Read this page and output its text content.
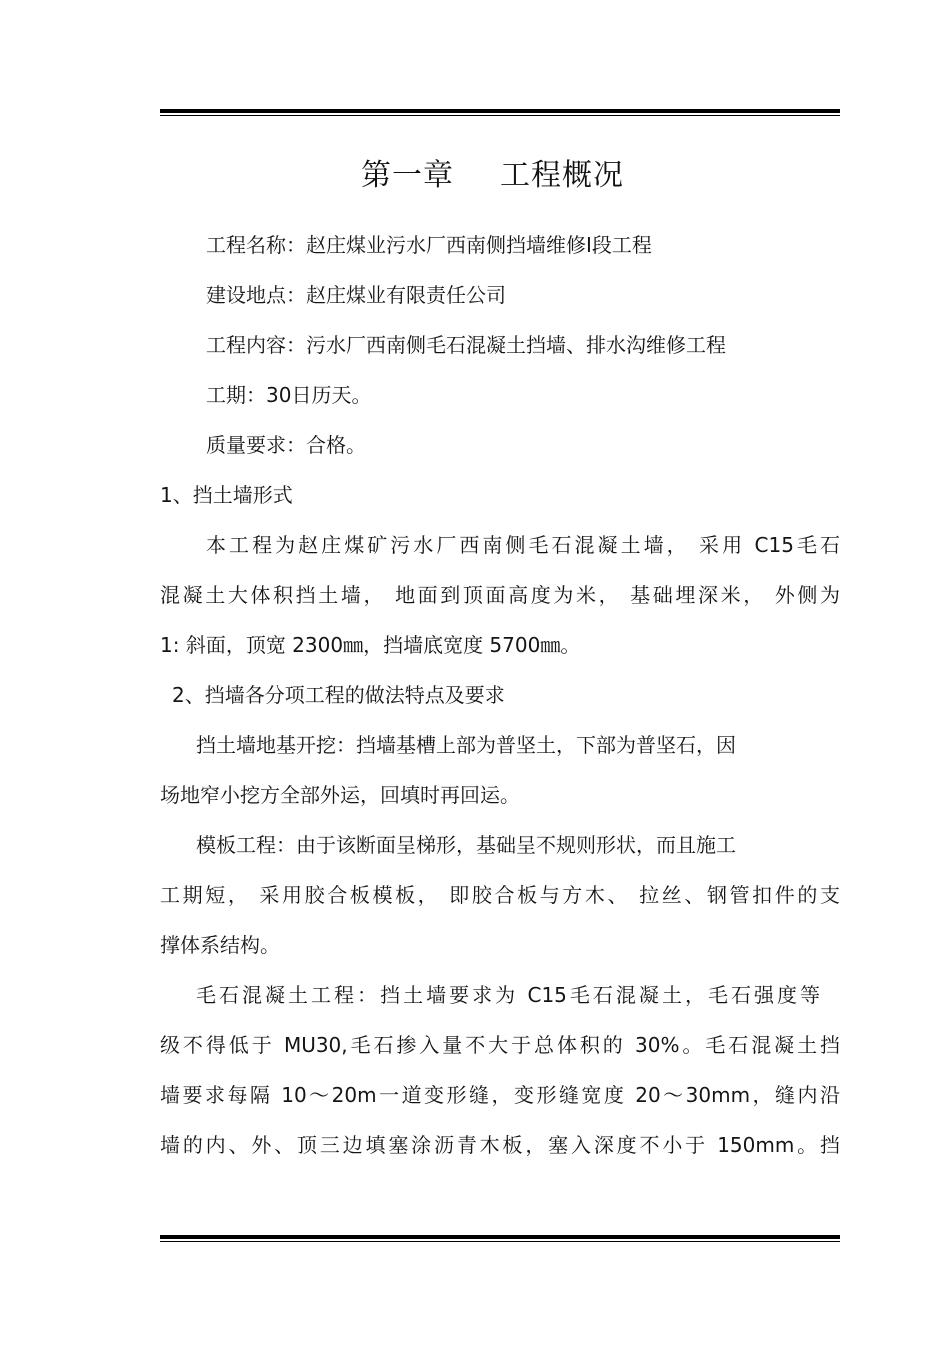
第一章 工程概况
工程名称：赵庄煤业污水厂西南侧挡墙维修Ⅰ段工程
建设地点：赵庄煤业有限责任公司
工程内容：污水厂西南侧毛石混凝土挡墙、排水沟维修工程
工期：30日历天。
质量要求：合格。
1、挡土墙形式
本工程为赵庄煤矿污水厂西南侧毛石混凝土墙， 采用 C15毛石
混凝土大体积挡土墙， 地面到顶面高度为米， 基础埋深米， 外侧为
1: 斜面，顶宽 2300㎜，挡墙底宽度 5700㎜。
2、挡墙各分项工程的做法特点及要求
挡土墙地基开挖：挡墙基槽上部为普坚土，下部为普坚石，因
场地窄小挖方全部外运，回填时再回运。
模板工程：由于该断面呈梯形，基础呈不规则形状，而且施工
工期短， 采用胶合板模板， 即胶合板与方木、 拉丝、钢管扣件的支
撑体系结构。
毛石混凝土工程：挡土墙要求为 C15毛石混凝土，毛石强度等
级不得低于 MU30,毛石掺入量不大于总体积的 30%。毛石混凝土挡
墙要求每隔 10～20m一道变形缝，变形缝宽度 20～30mm，缝内沿
墙的内、外、顶三边填塞涂沥青木板，塞入深度不小于 150mm。挡
